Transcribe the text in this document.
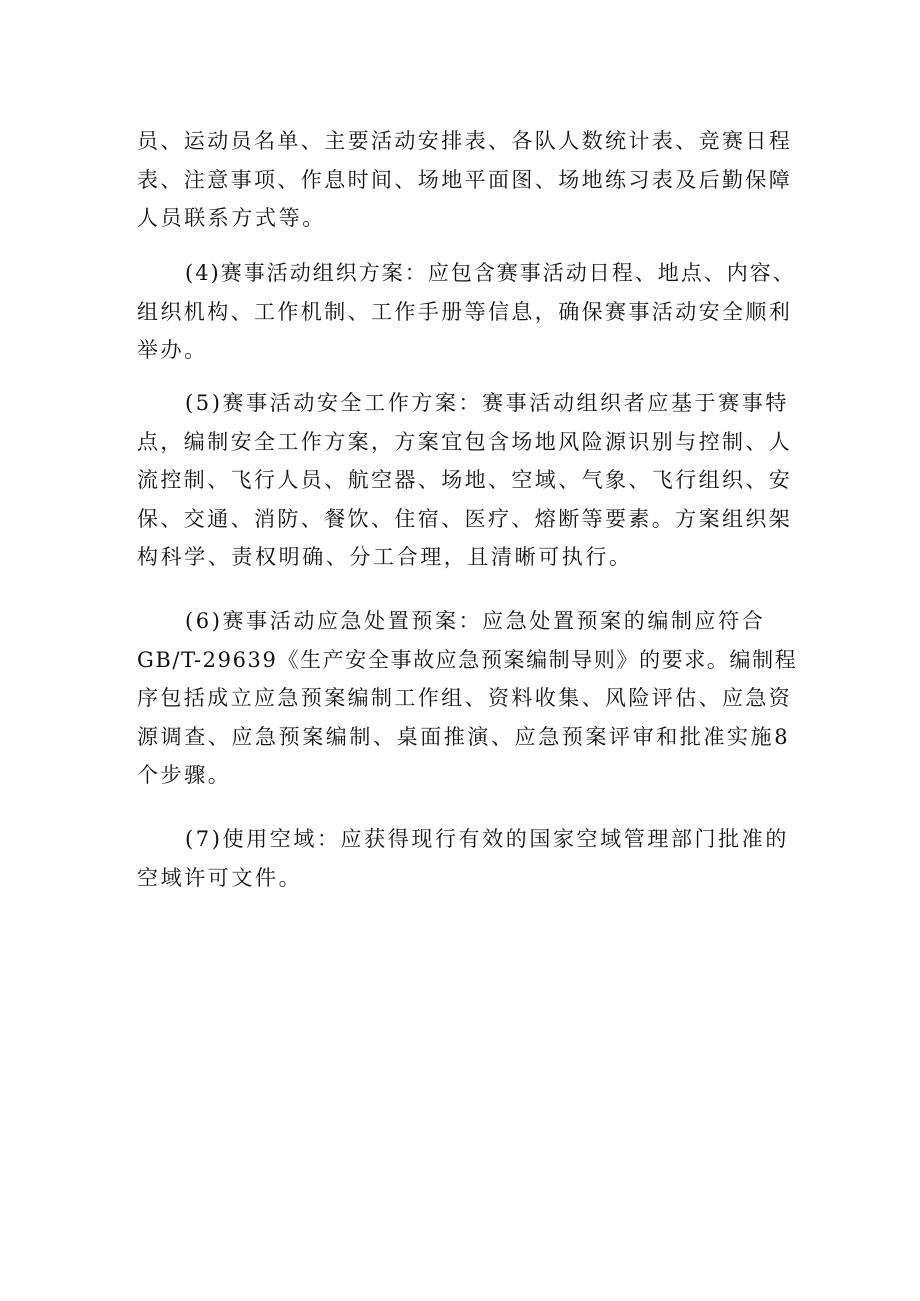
员、运动员名单、主要活动安排表、各队人数统计表、竞赛日程
表、注意事项、作息时间、场地平面图、场地练习表及后勤保障
人员联系方式等。
(4)赛事活动组织方案：应包含赛事活动日程、地点、内容、
组织机构、工作机制、工作手册等信息，确保赛事活动安全顺利
举办。
(5)赛事活动安全工作方案：赛事活动组织者应基于赛事特
点，编制安全工作方案，方案宜包含场地风险源识别与控制、人
流控制、飞行人员、航空器、场地、空域、气象、飞行组织、安
保、交通、消防、餐饮、住宿、医疗、熔断等要素。方案组织架
构科学、责权明确、分工合理，且清晰可执行。
(6)赛事活动应急处置预案：应急处置预案的编制应符合
GB/T-29639《生产安全事故应急预案编制导则》的要求。编制程
序包括成立应急预案编制工作组、资料收集、风险评估、应急资
源调查、应急预案编制、桌面推演、应急预案评审和批准实施8
个步骤。
(7)使用空域：应获得现行有效的国家空域管理部门批准的
空域许可文件。
